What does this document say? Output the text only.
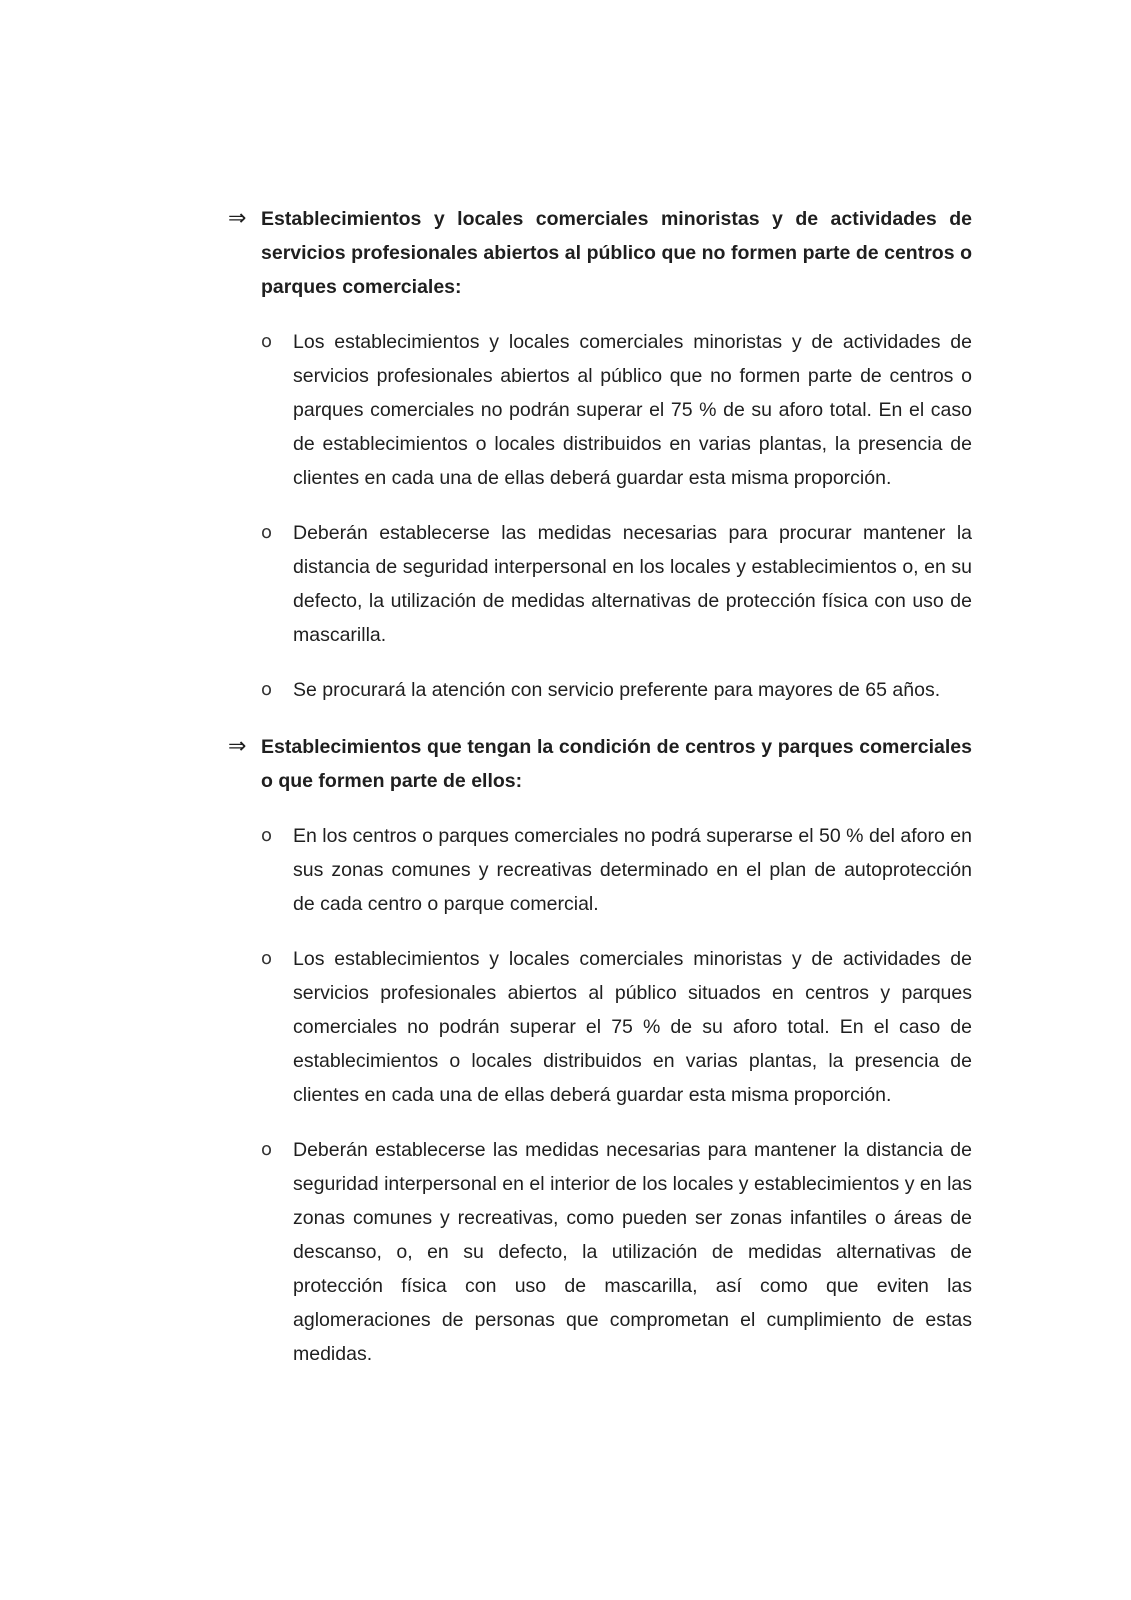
⇒ Establecimientos y locales comerciales minoristas y de actividades de servicios profesionales abiertos al público que no formen parte de centros o parques comerciales:
o	Los establecimientos y locales comerciales minoristas y de actividades de servicios profesionales abiertos al público que no formen parte de centros o parques comerciales no podrán superar el 75 % de su aforo total. En el caso de establecimientos o locales distribuidos en varias plantas, la presencia de clientes en cada una de ellas deberá guardar esta misma proporción.
o	Deberán establecerse las medidas necesarias para procurar mantener la distancia de seguridad interpersonal en los locales y establecimientos o, en su defecto, la utilización de medidas alternativas de protección física con uso de mascarilla.
o	Se procurará la atención con servicio preferente para mayores de 65 años.
⇒ Establecimientos que tengan la condición de centros y parques comerciales o que formen parte de ellos:
o	En los centros o parques comerciales no podrá superarse el 50 % del aforo en sus zonas comunes y recreativas determinado en el plan de autoprotección de cada centro o parque comercial.
o	Los establecimientos y locales comerciales minoristas y de actividades de servicios profesionales abiertos al público situados en centros y parques comerciales no podrán superar el 75 % de su aforo total. En el caso de establecimientos o locales distribuidos en varias plantas, la presencia de clientes en cada una de ellas deberá guardar esta misma proporción.
o	Deberán establecerse las medidas necesarias para mantener la distancia de seguridad interpersonal en el interior de los locales y establecimientos y en las zonas comunes y recreativas, como pueden ser zonas infantiles o áreas de descanso, o, en su defecto, la utilización de medidas alternativas de protección física con uso de mascarilla, así como que eviten las aglomeraciones de personas que comprometan el cumplimiento de estas medidas.
